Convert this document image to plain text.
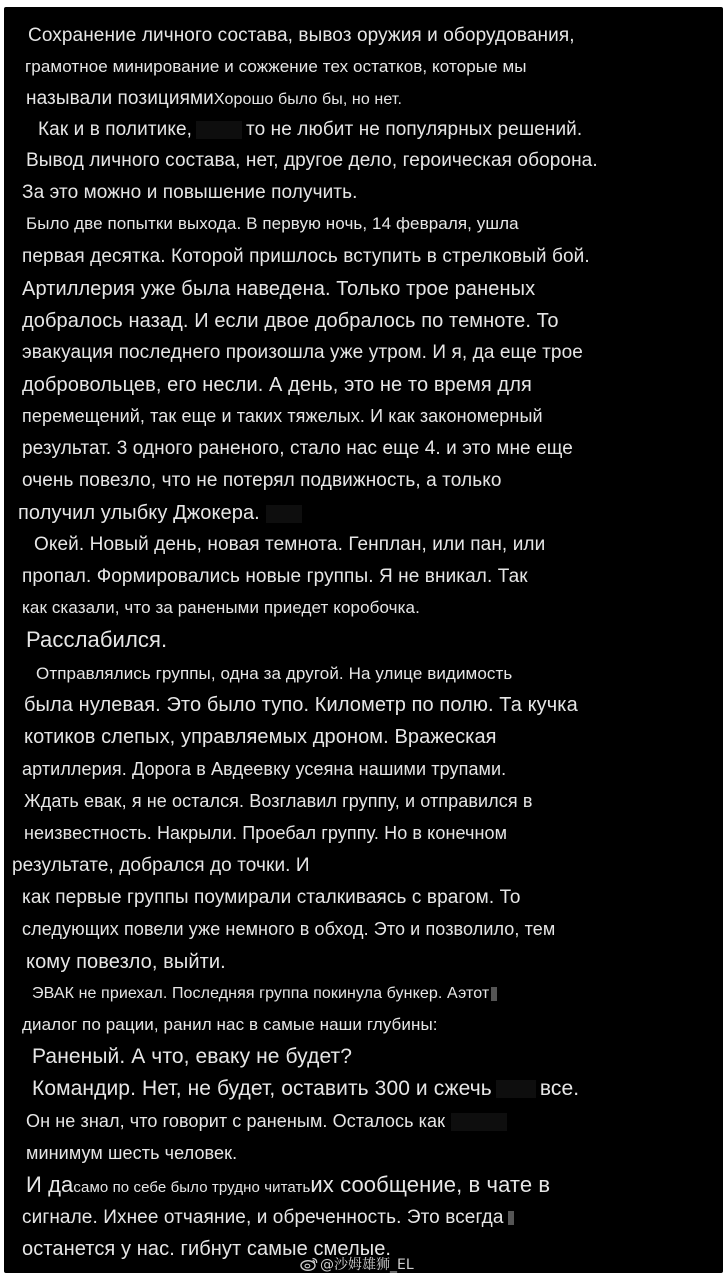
Сохранение личного состава, вывоз оружия и оборудования,
грамотное минирование и сожжение тех остатков, которые мы
называли позициямиХорошо было бы, но нет.
Как и в политике,	то не любит не популярных решений.
Вывод личного состава, нет, другое дело, героическая оборона.
За это можно и повышение получить.
Было две попытки выхода. В первую ночь, 14 февраля, ушла
первая десятка. Которой пришлось вступить в стрелковый бой.
Артиллерия уже была наведена. Только трое раненых
добралось назад. И если двое добралось по темноте. То
эвакуация последнего произошла уже утром. И я, да еще трое
добровольцев, его несли. А день, это не то время для
перемещений, так еще и таких тяжелых. И как закономерный
результат. 3 одного раненого, стало нас еще 4. и это мне еще
очень повезло, что не потерял подвижность, а только
получил улыбку Джокера.
Окей. Новый день, новая темнота. Генплан, или пан, или
пропал. Формировались новые группы. Я не вникал. Так
как сказали, что за ранеными приедет коробочка.
Расслабился.
Отправлялись группы, одна за другой. На улице видимость
была нулевая. Это было тупо. Километр по полю. Та кучка
котиков слепых, управляемых дроном. Вражеская
артиллерия. Дорога в Авдеевку усеяна нашими трупами.
Ждать евак, я не остался. Возглавил группу, и отправился в
неизвестность. Накрыли. Проебал группу. Но в конечном
результате, добрался до точки. И
как первые группы поумирали сталкиваясь с врагом. То
следующих повели уже немного в обход. Это и позволило, тем
кому повезло, выйти.
ЭВАК не приехал. Последняя группа покинула бункер. Аэтот
диалог по рации, ранил нас в самые наши глубины:
Раненый. А что, еваку не будет?
Командир. Нет, не будет, оставить 300 и сжечь все.
Он не знал, что говорит с раненым. Осталось как
минимум шесть человек.
И дасамо по себе было трудно читатьих сообщение, в чате в
сигнале. Ихнее отчаяние, и обреченность. Это всегда
останется у нас. гибнут самые смелые.
@沙姆雄狮_EL
